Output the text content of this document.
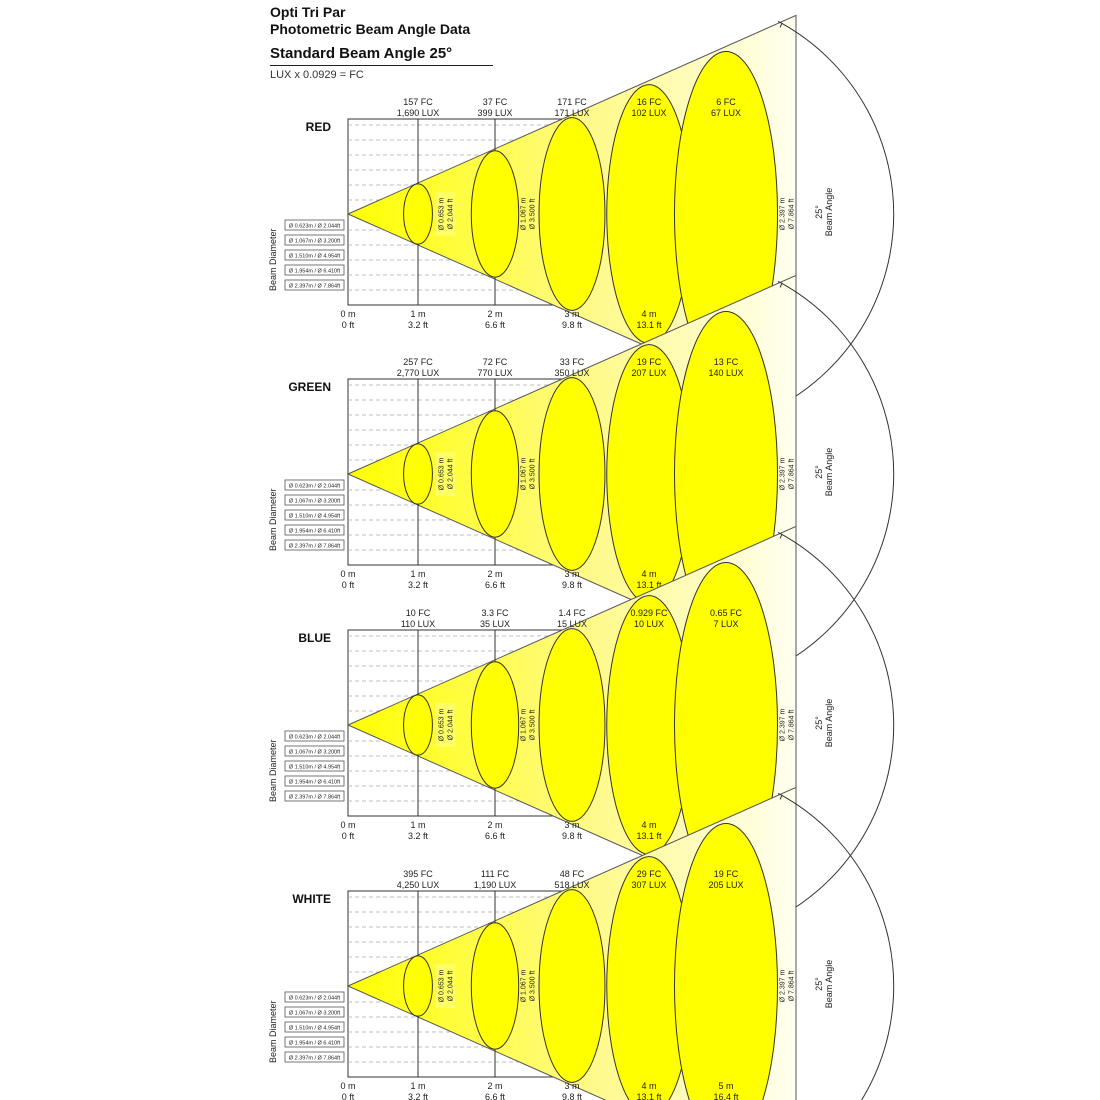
Opti Tri Par
Photometric Beam Angle Data
Standard Beam Angle 25°
LUX x 0.0929 = FC
Ø 0.653 m Ø 2.044 ft	Ø 1.067 m Ø 3.500 ft	Ø 2.397 m Ø 7.864 ft 25° Beam Angle
RED
157 FC
1,690 LUX
37 FC
399 LUX
171 FC
171 LUX
16 FC
102 LUX
6 FC
67 LUX
0 m
0 ft
1 m
3.2 ft
2 m
6.6 ft
3 m
9.8 ft
4 m
13.1 ft
Ø 0.623m / Ø 2.044ft
Ø 1.067m / Ø 3.200ft
Ø 1.510m / Ø 4.954ft
Ø 1.954m / Ø 6.410ft
Ø 2.397m / Ø 7.864ft
Beam Diameter
Ø 0.653 m Ø 2.044 ft	Ø 1.067 m Ø 3.500 ft	Ø 2.397 m Ø 7.864 ft 25° Beam Angle
GREEN
257 FC
2,770 LUX
72 FC
770 LUX
33 FC
350 LUX
19 FC
207 LUX
13 FC
140 LUX
0 m
0 ft
1 m
3.2 ft
2 m
6.6 ft
3 m
9.8 ft
4 m
13.1 ft
Ø 0.623m / Ø 2.044ft
Ø 1.067m / Ø 3.200ft
Ø 1.510m / Ø 4.954ft
Ø 1.954m / Ø 6.410ft
Ø 2.397m / Ø 7.864ft
Beam Diameter
Ø 0.653 m Ø 2.044 ft	Ø 1.067 m Ø 3.500 ft	Ø 2.397 m Ø 7.864 ft 25° Beam Angle
BLUE
10 FC
110 LUX
3.3 FC
35 LUX
1.4 FC
15 LUX
0.929 FC
10 LUX
0.65 FC
7 LUX
0 m
0 ft
1 m
3.2 ft
2 m
6.6 ft
3 m
9.8 ft
4 m
13.1 ft
Ø 0.623m / Ø 2.044ft
Ø 1.067m / Ø 3.200ft
Ø 1.510m / Ø 4.954ft
Ø 1.954m / Ø 6.410ft
Ø 2.397m / Ø 7.864ft
Beam Diameter
Ø 0.653 m Ø 2.044 ft	Ø 1.067 m Ø 3.500 ft	Ø 2.397 m Ø 7.864 ft 25° Beam Angle
WHITE
395 FC
4,250 LUX
111 FC
1,190 LUX
48 FC
518 LUX
29 FC
307 LUX
19 FC
205 LUX
0 m
0 ft
1 m
3.2 ft
2 m
6.6 ft
3 m
9.8 ft
4 m
13.1 ft
5 m
16.4 ft
Ø 0.623m / Ø 2.044ft
Ø 1.067m / Ø 3.200ft
Ø 1.510m / Ø 4.954ft
Ø 1.954m / Ø 6.410ft
Ø 2.397m / Ø 7.864ft
Beam Diameter
